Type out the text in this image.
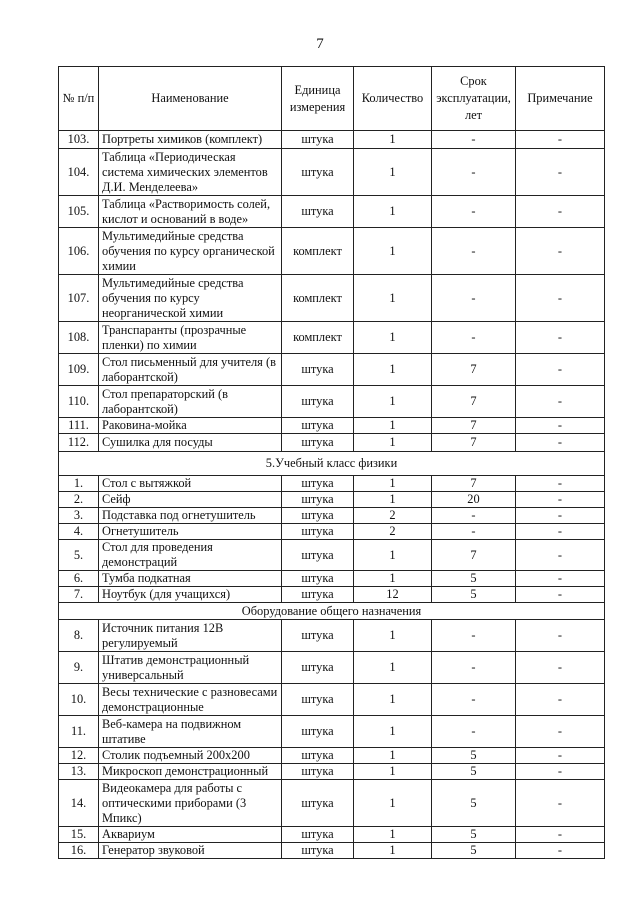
7
№ п/п	Наименование	Единица измерения	Количество	Срок эксплуатации, лет	Примечание
103.	Портреты химиков (комплект)	штука	1	-	-
104.	Таблица «Периодическая система химических элементов Д.И. Менделеева»	штука	1	-	-
105.	Таблица «Растворимость солей, кислот и оснований в воде»	штука	1	-	-
106.	Мультимедийные средства обучения по курсу органической химии	комплект	1	-	-
107.	Мультимедийные средства обучения по курсу неорганической химии	комплект	1	-	-
108.	Транспаранты (прозрачные пленки) по химии	комплект	1	-	-
109.	Стол письменный для учителя (в лаборантской)	штука	1	7	-
110.	Стол препараторский (в лаборантской)	штука	1	7	-
111.	Раковина-мойка	штука	1	7	-
112.	Сушилка для посуды	штука	1	7	-
5.Учебный класс физики					
1.	Стол с вытяжкой	штука	1	7	-
2.	Сейф	штука	1	20	-
3.	Подставка под огнетушитель	штука	2	-	-
4.	Огнетушитель	штука	2	-	-
5.	Стол для проведения демонстраций	штука	1	7	-
6.	Тумба подкатная	штука	1	5	-
7.	Ноутбук (для учащихся)	штука	12	5	-
Оборудование общего назначения					
8.	Источник питания 12В регулируемый	штука	1	-	-
9.	Штатив демонстрационный универсальный	штука	1	-	-
10.	Весы технические с разновесами демонстрационные	штука	1	-	-
11.	Веб-камера на подвижном штативе	штука	1	-	-
12.	Столик подъемный 200х200	штука	1	5	-
13.	Микроскоп демонстрационный	штука	1	5	-
14.	Видеокамера для работы с оптическими приборами (3 Мпикс)	штука	1	5	-
15.	Аквариум	штука	1	5	-
16.	Генератор звуковой	штука	1	5	-
